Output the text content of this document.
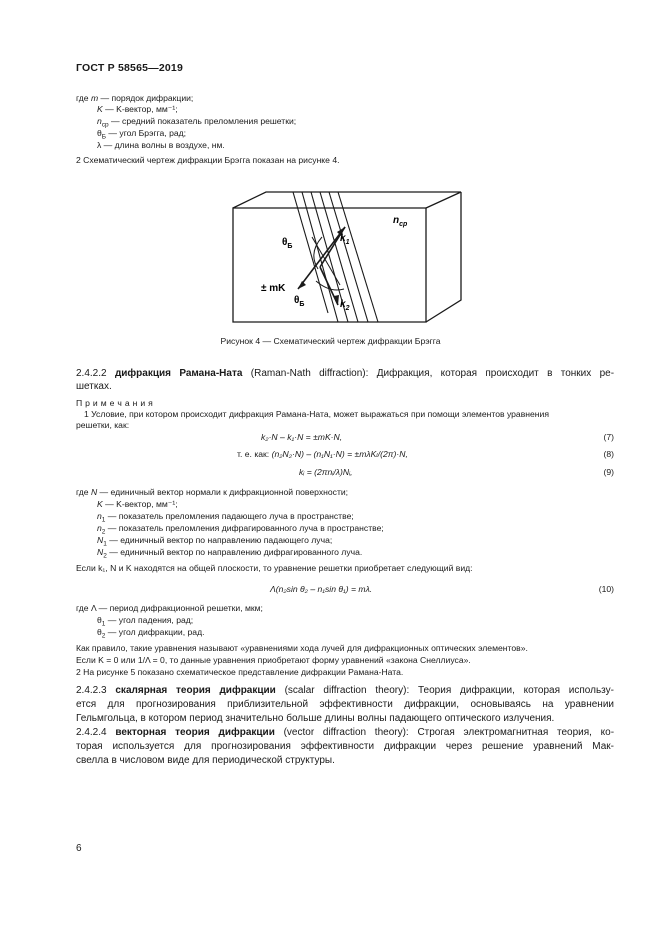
ГОСТ Р 58565—2019
где m — порядок дифракции;
K — K-вектор, мм⁻¹;
$n_{ср}$ — средний показатель преломления решетки;
$\theta_Б$ — угол Брэгга, рад;
λ — длина волны в воздухе, нм.
2 Схематический чертеж дифракции Брэгга показан на рисунке 4.
$n_{ср}$
$\theta_Б$
$k_1$
± mK
$\theta_Б$	$k_2$
Рисунок 4 — Схематический чертеж дифракции Брэгга
2.4.2.2 дифракция Рамана-Ната (Raman-Nath diffraction): Дифракция, которая происходит в тонких ре-
шетках.
П р и м е ч а н и я
1 Условие, при котором происходит дифракция Рамана-Ната, может выражаться при помощи элементов уравнения
решетки, как:
k₂·N – k₁·N = ±mK·N,	(7)
т. е. как: (n₂N₂·N) – (n₁N₁·N) = ±mλKₗ/(2π)·N,	(8)
kᵢ = (2πnᵢ/λ)Nᵢ,	(9)
где N — единичный вектор нормали к дифракционной поверхности;
K — K-вектор, мм⁻¹;
$n_1$ — показатель преломления падающего луча в пространстве;
$n_2$ — показатель преломления дифрагированного луча в пространстве;
$N_1$ — единичный вектор по направлению падающего луча;
$N_2$ — единичный вектор по направлению дифрагированного луча.
Если k₁, N и K находятся на общей плоскости, то уравнение решетки приобретает следующий вид:
Λ(n₂sin θ₂ – n₁sin θ₁) = mλ.	(10)
где Λ — период дифракционной решетки, мкм;
$\theta_1$ — угол падения, рад;
$\theta_2$ — угол дифракции, рад.
Как правило, такие уравнения называют «уравнениями хода лучей для дифракционных оптических элементов».
Если K = 0 или 1/Λ = 0, то данные уравнения приобретают форму уравнений «закона Снеллиуса».
2 На рисунке 5 показано схематическое представление дифракции Рамана-Ната.
2.4.2.3 скалярная теория дифракции (scalar diffraction theory): Теория дифракции, которая использу-
ется для прогнозирования приблизительной эффективности дифракции, основываясь на уравнении
Гельмгольца, в котором период значительно больше длины волны падающего оптического излучения.
2.4.2.4 векторная теория дифракции (vector diffraction theory): Строгая электромагнитная теория, ко-
торая используется для прогнозирования эффективности дифракции через решение уравнений Мак-
свелла в числовом виде для периодической структуры.
6
